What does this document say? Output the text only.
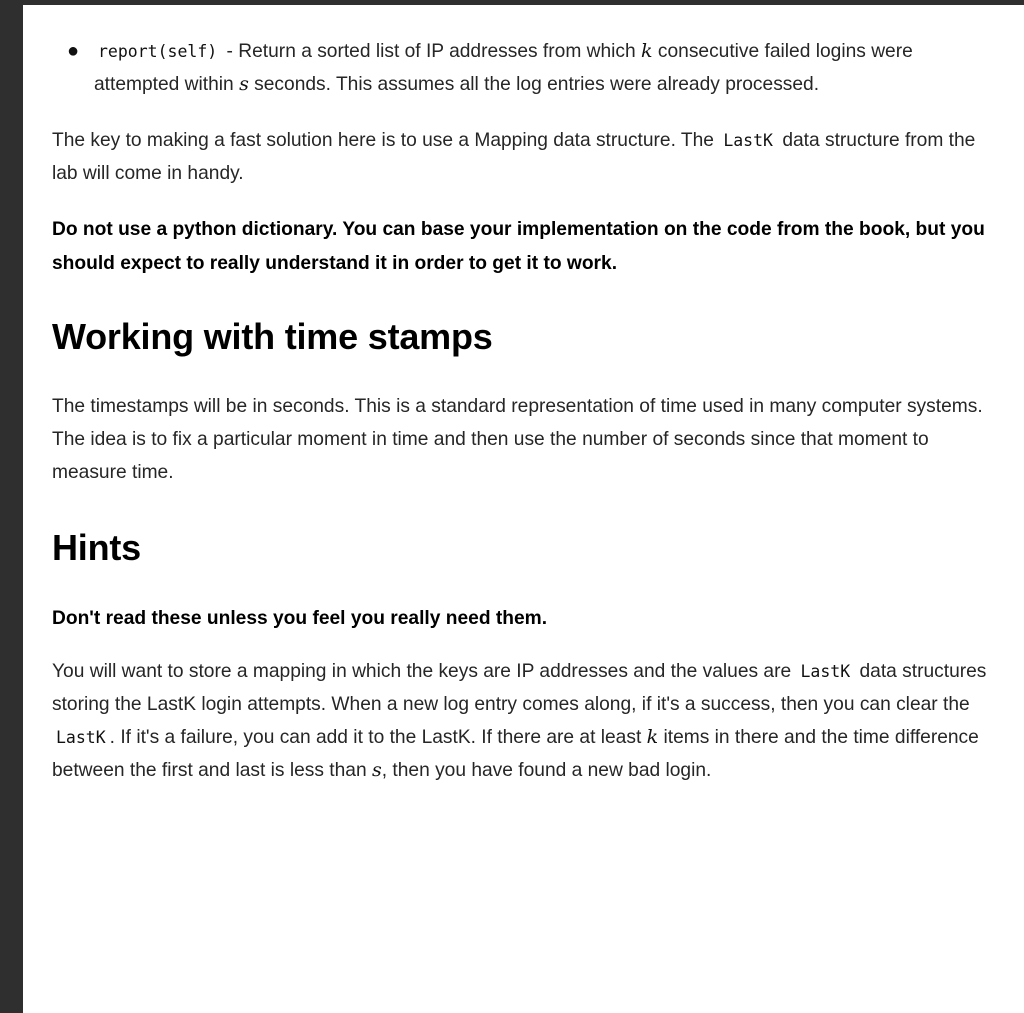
● report(self) - Return a sorted list of IP addresses from which k consecutive failed logins were attempted within s seconds. This assumes all the log entries were already processed.

The key to making a fast solution here is to use a Mapping data structure. The LastK data structure from the lab will come in handy.

Do not use a python dictionary. You can base your implementation on the code from the book, but you should expect to really understand it in order to get it to work.

Working with time stamps

The timestamps will be in seconds. This is a standard representation of time used in many computer systems. The idea is to fix a particular moment in time and then use the number of seconds since that moment to measure time.

Hints

Don't read these unless you feel you really need them.

You will want to store a mapping in which the keys are IP addresses and the values are LastK data structures storing the LastK login attempts. When a new log entry comes along, if it's a success, then you can clear the LastK . If it's a failure, you can add it to the LastK. If there are at least k items in there and the time difference between the first and last is less than s, then you have found a new bad login.
